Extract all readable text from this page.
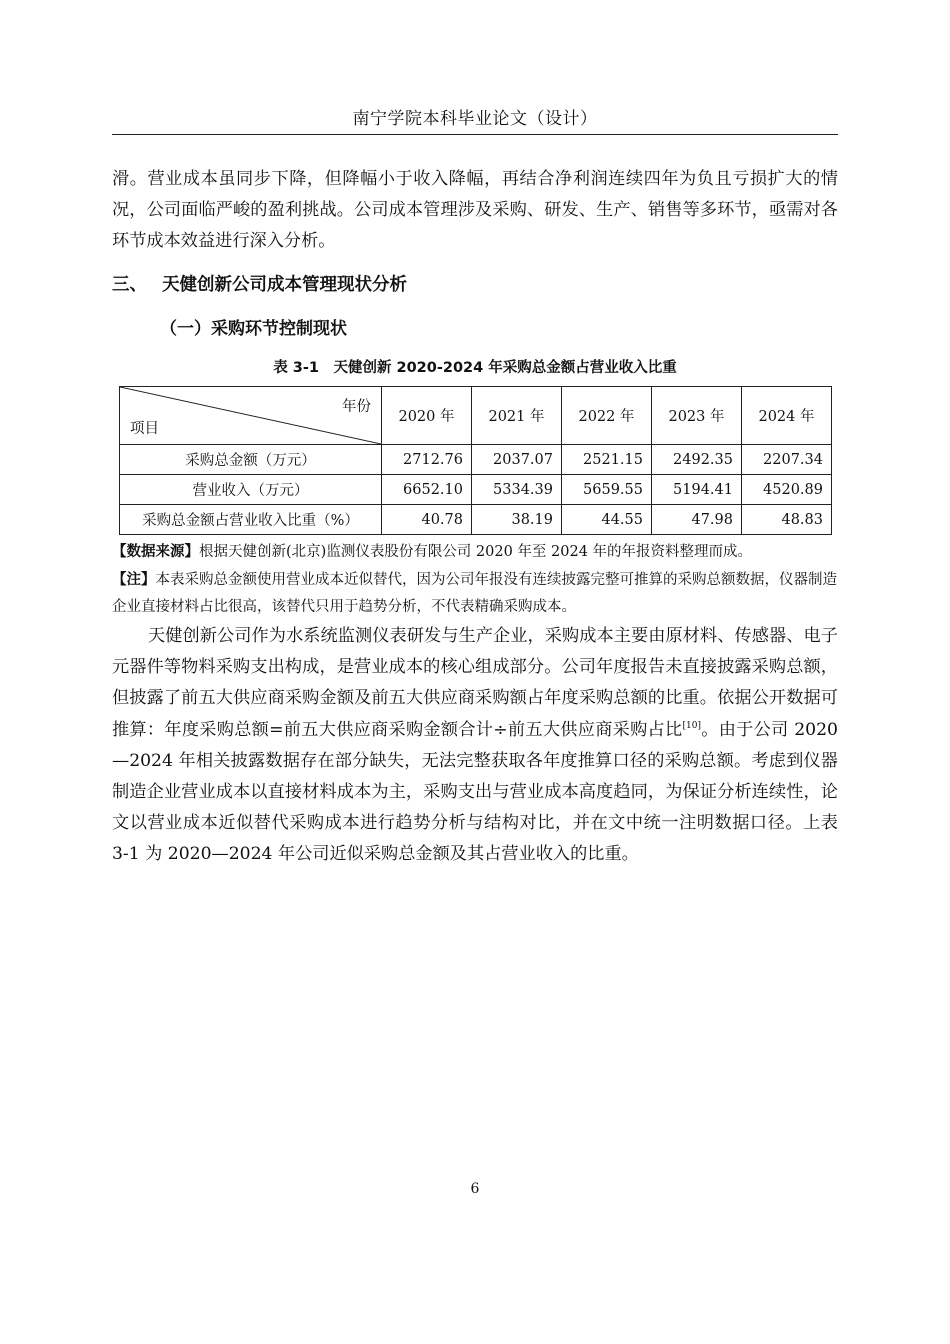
南宁学院本科毕业论文（设计）

滑。营业成本虽同步下降，但降幅小于收入降幅，再结合净利润连续四年为负且亏损扩大的情况，公司面临严峻的盈利挑战。公司成本管理涉及采购、研发、生产、销售等多环节，亟需对各环节成本效益进行深入分析。

三、 天健创新公司成本管理现状分析
（一）采购环节控制现状
表 3-1　天健创新 2020-2024 年采购总金额占营业收入比重
年份
项目	2020 年	2021 年	2022 年	2023 年	2024 年
采购总金额（万元）	2712.76	2037.07	2521.15	2492.35	2207.34
营业收入（万元）	6652.10	5334.39	5659.55	5194.41	4520.89
采购总金额占营业收入比重（%）	40.78	38.19	44.55	47.98	48.83

【数据来源】根据天健创新(北京)监测仪表股份有限公司 2020 年至 2024 年的年报资料整理而成。

【注】本表采购总金额使用营业成本近似替代，因为公司年报没有连续披露完整可推算的采购总额数据，仪器制造企业直接材料占比很高，该替代只用于趋势分析，不代表精确采购成本。

天健创新公司作为水系统监测仪表研发与生产企业，采购成本主要由原材料、传感器、电子元器件等物料采购支出构成，是营业成本的核心组成部分。公司年度报告未直接披露采购总额，但披露了前五大供应商采购金额及前五大供应商采购额占年度采购总额的比重。依据公开数据可推算：年度采购总额=前五大供应商采购金额合计÷前五大供应商采购占比[10]。由于公司 2020—2024 年相关披露数据存在部分缺失，无法完整获取各年度推算口径的采购总额。考虑到仪器制造企业营业成本以直接材料成本为主，采购支出与营业成本高度趋同，为保证分析连续性，论文以营业成本近似替代采购成本进行趋势分析与结构对比，并在文中统一注明数据口径。上表 3-1 为 2020—2024 年公司近似采购总金额及其占营业收入的比重。

6
